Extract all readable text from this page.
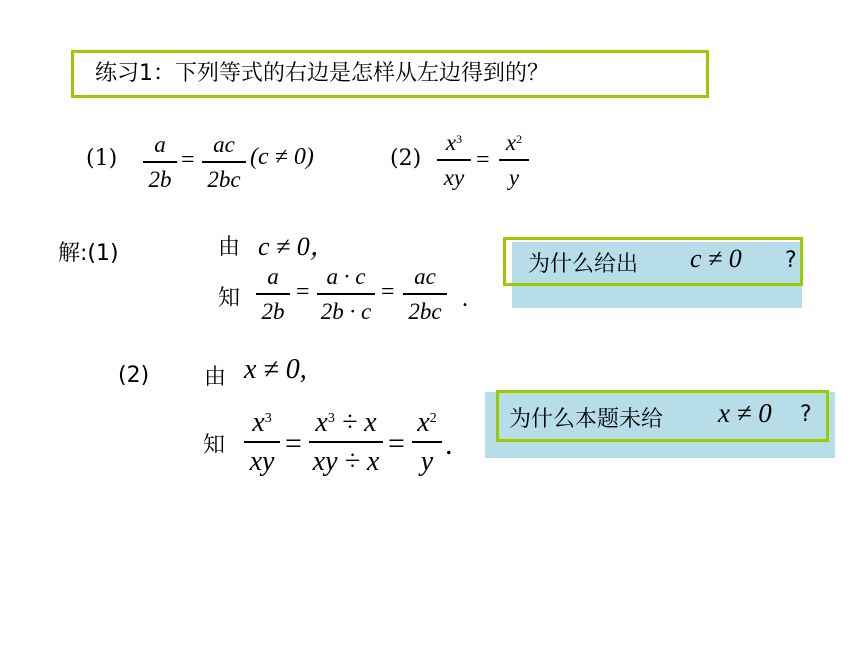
练习1：下列等式的右边是怎样从左边得到的？
(1)
a
2b
=
ac
2bc
(c ≠ 0)	(2)
$x^3$
xy
=
$x^2$
y
解:(1)	由 c ≠ 0，
知
a
2b
=
a · c
2b · c
=
ac
2bc .
为什么给出 c ≠ 0 ?
(2) 由 x ≠ 0,
知
$x^3$
xy
=
$x^3 \div x$
xy ÷ x
=
$x^2$
y
.
为什么本题未给 x ≠ 0 ?
